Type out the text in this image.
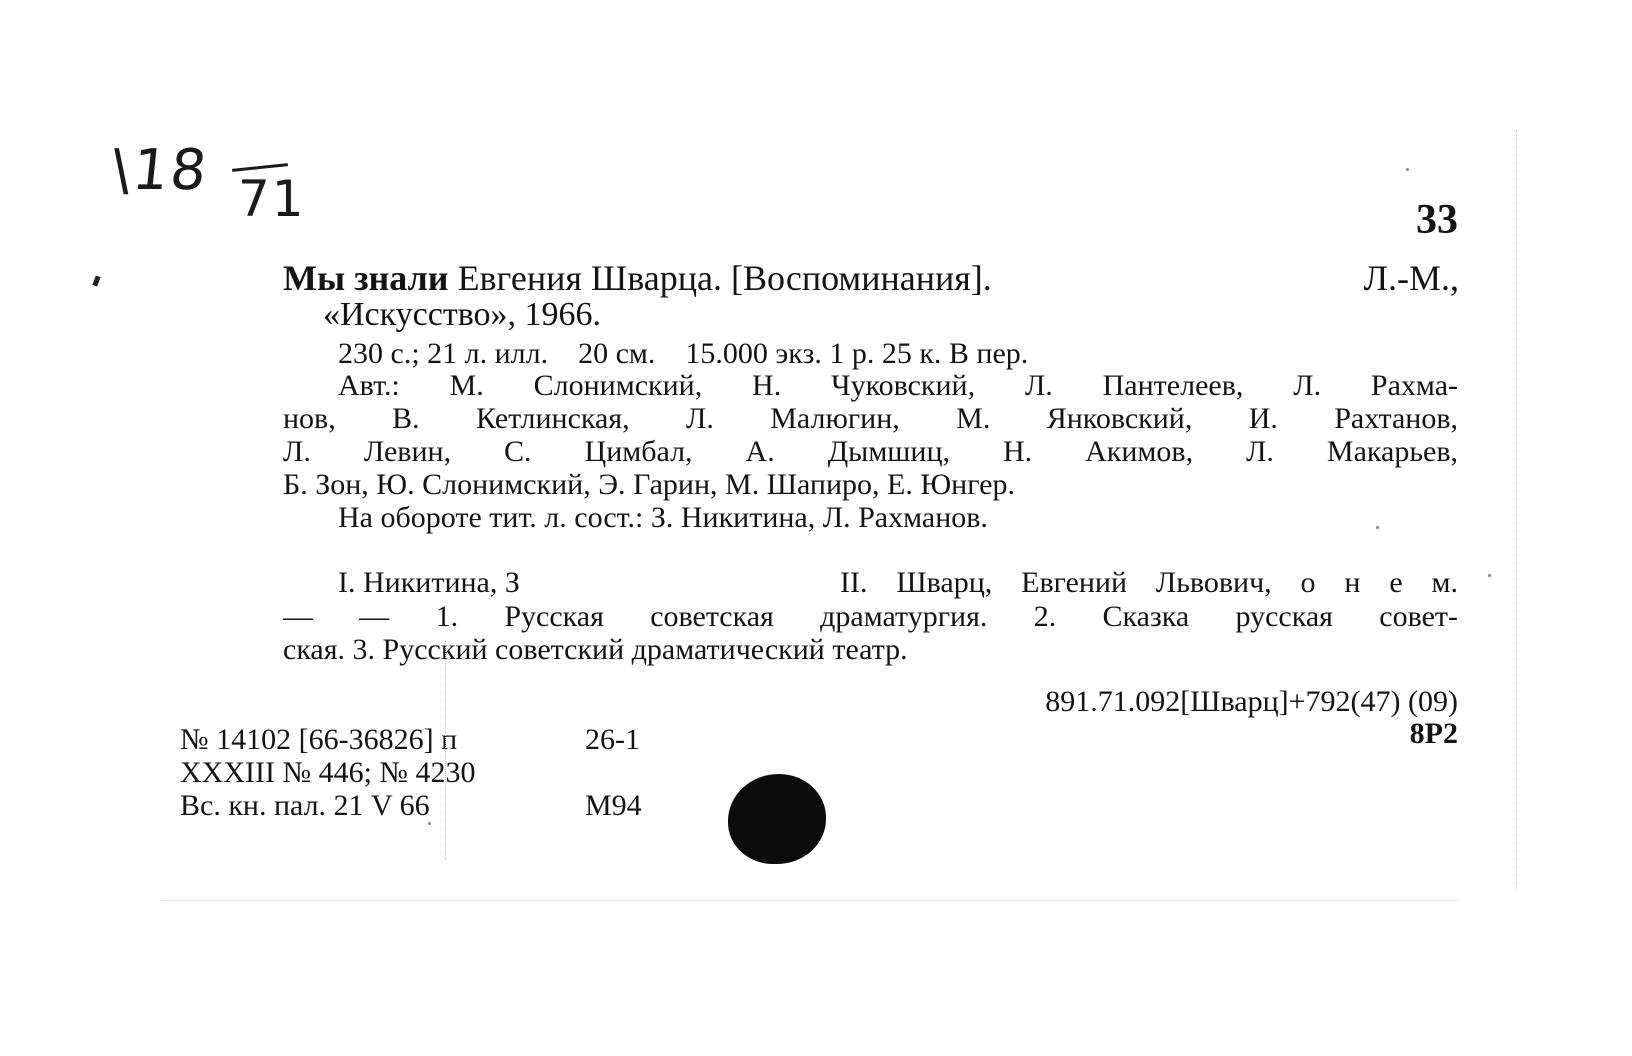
\18 71	33
Мы знали Евгения Шварца. [Воспоминания].	Л.-М.,
«Искусство», 1966.
230 с.; 21 л. илл.    20 см.    15.000 экз. 1 р. 25 к. В пер.
Авт.: М. Слонимский, Н. Чуковский, Л. Пантелеев, Л. Рахма-
нов, В. Кетлинская, Л. Малюгин, М. Янковский, И. Рахтанов,
Л. Левин, С. Цимбал, А. Дымшиц, Н. Акимов, Л. Макарьев,
Б. Зон, Ю. Слонимский, Э. Гарин, М. Шапиро, Е. Юнгер.
На обороте тит. л. сост.: З. Никитина, Л. Рахманов.
I. Никитина, З	II. Шварц, Евгений Львович, о н е м.
— — 1. Русская советская драматургия. 2. Сказка русская совет-
ская. 3. Русский советский драматический театр.
891.71.092[Шварц]+792(47) (09)
8Р2
№ 14102 [66-36826] п	26-1
XXXIII № 446; № 4230
Вс. кн. пал. 21 V 66	М94
